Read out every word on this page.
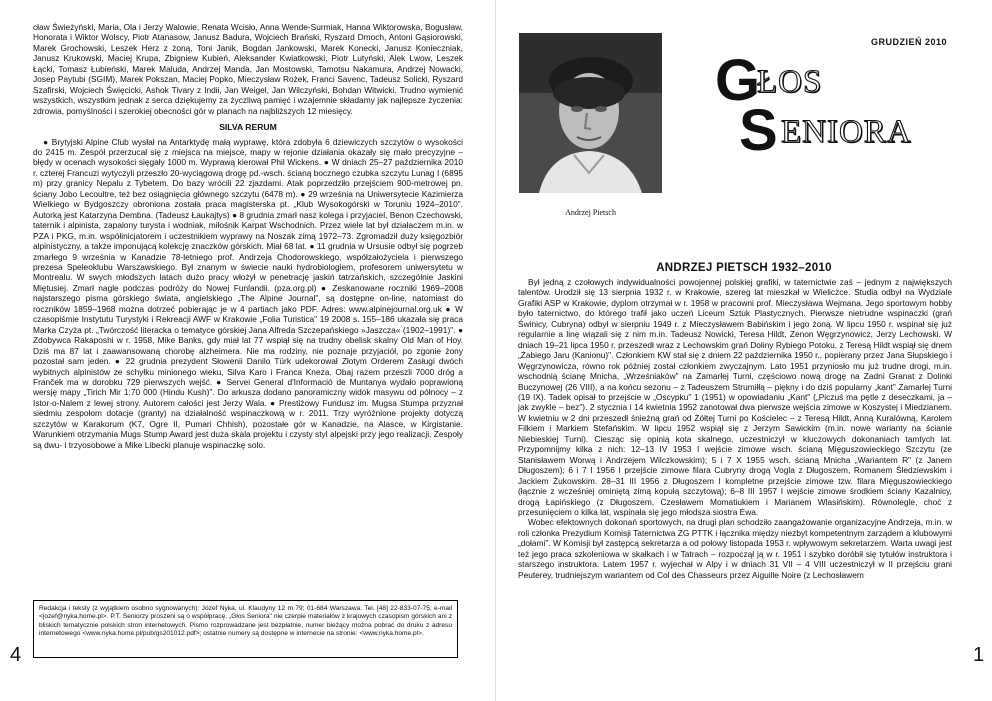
cław Świeżyński, Maria, Ola i Jerzy Walowie, Renata Wcisło, Anna Wende-Surmiak, Hanna Wiktorowska, Bogusław, Honorata i Wiktor Wolscy, Piotr Atanasow, Janusz Badura, Wojciech Brański, Ryszard Dmoch, Antoni Gąsiorowski, Marek Grochowski, Leszek Herz z żoną, Toni Janik, Bogdan Jankowski, Marek Konecki, Janusz Konieczniak, Janusz Krukowski, Maciej Krupa, Zbigniew Kubień, Aleksander Kwiatkowski, Piotr Lutyński, Alek Lwow, Leszek Łącki, Tomasz Łubieński, Marek Maluda, Andrzej Manda, Jan Mostowski, Tamotsu Nakamura, Andrzej Nowacki, Josep Paytubi (SGIM), Marek Pokszan, Maciej Popko, Mieczysław Rożek, Franci Savenc, Tadeusz Solicki, Ryszard Szafirski, Wojciech Święcicki, Ashok Tivary z Indii, Jan Weigel, Jan Wilczyński, Bohdan Witwicki. Trudno wymienić wszystkich, wszystkim jednak z serca dziękujemy za życzliwą pamięć i wzajemnie składamy jak najlepsze życzenia: zdrowia, pomyślności i szerokiej obecności gór w planach na najbliższych 12 miesięcy.

SILVA RERUM

● Brytyjski Alpine Club wysłał na Antarktydę małą wyprawę, która zdobyła 6 dziewiczych szczytów o wysokości do 2415 m. Zespół przerzucał się z miejsca na miejsce, mapy w rejonie działania okazały się mało precyzyjne – błędy w ocenach wysokości sięgały 1000 m. Wyprawą kierował Phil Wickens. ● W dniach 25–27 października 2010 r. czterej Francuzi wytyczyli przeszło 20-wyciągową drogę pd.-wsch. ścianą bocznego czubka szczytu Lunag I (6895 m) przy granicy Nepalu z Tybetem. Do bazy wrócili 22 zjazdami. Atak poprzedziło przejściem 900-metrowej pn. ściany Jobo Lecoultre, też bez osiągnięcia głównego szczytu (6478 m). ● 29 września na Uniwersytecie Kazimierza Wielkiego w Bydgoszczy obroniona została praca magisterska pt. „Klub Wysokogórski w Toruniu 1924–2010". Autorką jest Katarzyna Dembna. (Tadeusz Łaukajtys) ● 8 grudnia zmarł nasz kolega i przyjaciel, Benon Czechowski, taternik i alpinista, zapalony turysta i wodniak, miłośnik Karpat Wschodnich. Przez wiele lat był działaczem m.in. w PZA i PKG, m.in. współinicjatorem i uczestnikiem wyprawy na Noszak zimą 1972–73. Zgromadził duży księgozbiór alpinistyczny, a także imponującą kolekcję znaczków górskich. Miał 68 lat. ● 11 grudnia w Ursusie odbył się pogrzeb zmarłego 9 września w Kanadzie 78-letniego prof. Andrzeja Chodorowskiego, współzałożyciela i pierwszego prezesa Speleoklubu Warszawskiego. Był znanym w świecie nauki hydrobiologiem, profesorem uniwersytetu w Montrealu. W swych młodszych latach dużo pracy włożył w penetrację jaskiń tatrzańskich, szczególnie Jaskini Miętusiej. Zmarł nagle podczas podróży do Nowej Funlandii. (pza.org.pl) ● Zeskanowane roczniki 1969–2008 najstarszego pisma górskiego świata, angielskiego „The Alpine Journal", są dostępne on-line, natomiast do roczników 1859–1968 można dotrzeć pobierając je w 4 partiach jako PDF. Adres: www.alpinejournal.org.uk ● W czasopiśmie Instytutu Turystyki i Rekreacji AWF w Krakowie „Folia Turistica" 19 2008 s. 155–186 ukazała się praca Marka Czyża pt. „Twórczość literacka o tematyce górskiej Jana Alfreda Szczepańskiego »Jaszcza« (1902–1991)". ● Zdobywca Rakaposhi w r. 1958, Mike Banks, gdy miał lat 77 wspiął się na trudny obelisk skalny Old Man of Hoy. Dziś ma 87 lat i zaawansowaną chorobę alzheimera. Nie ma rodziny, nie poznaje przyjaciół, po zgonie żony pozostał sam jeden. ● 22 grudnia prezydent Słowenii Danilo Türk udekorował Złotym Orderem Zasługi dwóch wybitnych alpinistów ze schyłku minionego wieku, Silva Karo i Franca Kneza. Obaj razem przeszli 7000 dróg a Franček ma w dorobku 729 pierwszych wejść. ● Servei General d'Informació de Muntanya wydało poprawioną wersję mapy „Tirich Mir 1:70 000 (Hindu Kush)". Do arkusza dodano panoramiczny widok masywu od północy – z Istor-o-Nalem z lewej strony. Autorem całości jest Jerzy Wala. ● Prestiżowy Fundusz im. Mugsa Stumpa przyznał siedmiu zespołom dotacje (granty) na działalność wspinaczkową w r. 2011. Trzy wyróżnione projekty dotyczą szczytów w Karakorum (K7, Ogre II, Pumari Chhish), pozostałe gór w Kanadzie, na Alasce, w Kirgistanie. Warunkiem otrzymania Mugs Stump Award jest duża skala projektu i czysty styl alpejski przy jego realizacji. Zespoły są dwu- i trzyosobowe a Mike Libecki planuje wspinaczkę solo.

Redakcja i teksty (z wyjątkiem osobno sygnowanych): Józef Nyka, ul. Klaudyny 12 m 79; 01-684 Warszawa. Tel. [48] 22-833-07-75; e-mail <jozef@nyka.home.pl>. P.T. Seniorzy proszeni są o współpracę. „Głos Seniora" nie czerpie materiałów z krajowych czasopism górskich ani z bliskich tematycznie polskich stron internetowych. Pismo rozprowadzane jest bezpłatnie, numer bieżący można pobrać do druku z adresu internetowego <www.nyka.home.pl/pub/gs201012.pdf>; ostatnie numery są dostępne w internecie na stronie: <www.nyka.home.pl>.
4
Andrzej Pietsch
GRUDZIEŃ 2010
G
ŁOS
S ENIORA
ANDRZEJ PIETSCH 1932–2010

Był jedną z czołowych indywidualności powojennej polskiej grafiki, w taternictwie zaś – jednym z największych talentów. Urodził się 13 sierpnia 1932 r. w Krakowie, szereg lat mieszkał w Wieliczce. Studia odbył na Wydziale Grafiki ASP w Krakowie, dyplom otrzymał w r. 1958 w pracowni prof. Mieczysława Wejmana. Jego sportowym hobby było taternictwo, do którego trafił jako uczeń Liceum Sztuk Plastycznych. Pierwsze nietrudne wspinaczki (grań Świnicy, Cubryna) odbył w sierpniu 1949 r. z Mieczysławem Babińskim i jego żoną. W lipcu 1950 r. wspinał się już regularnie a linę wiązali się z nim m.in. Tadeusz Nowicki, Teresa Hildt, Zenon Węgrzynowicz, Jerzy Lechowski. W dniach 19–21 lipca 1950 r. przeszedł wraz z Lechowskim grań Doliny Rybiego Potoku, z Teresą Hildt wspiął się dnem „Żabiego Jaru (Kanionu)". Członkiem KW stał się z dniem 22 października 1950 r., popierany przez Jana Słupskiego i Węgrzynowicza, równo rok później został członkiem zwyczajnym. Lato 1951 przyniosło mu już trudne drogi, m.in. wschodnią ścianę Mnicha, „Wrześniaków" na Zamarłej Turni, częściowo nową drogę na Zadni Granat z Dolinki Buczynowej (26 VIII), a na końcu sezonu – z Tadeuszem Strumiłłą – piękny i do dziś popularny „kant" Zamarłej Turni (19 IX). Tadek opisał to przejście w „Oscypku" 1 (1951) w opowiadaniu „Kant" („Piczuś ma pętle z deseczkami, ja – jak zwykle – bez"). 2 stycznia i 14 kwietnia 1952 zanotował dwa pierwsze wejścia zimowe w Koszystej i Miedzianem. W kwietniu w 2 dni przeszedł śnieżną grań od Żółtej Turni po Kościelec – z Teresą Hildt, Anną Kuralówną, Karolem Filkiem i Markiem Stefańskim. W lipcu 1952 wspiął się z Jerzym Sawickim (m.in. nowe warianty na ścianie Niebieskiej Turni). Ciesząc się opinią kota skalnego, uczestniczył w kluczowych dokonaniach tamtych lat. Przypomnijmy kilka z nich: 12–13 IV 1953 I wejście zimowe wsch. ścianą Mięguszowieckiego Szczytu (ze Stanisławem Worwą i Andrzejem Wilczkowskim); 5 i 7 X 1955 wsch. ścianą Mnicha „Wariantem R" (z Janem Długoszem); 6 i 7 I 1956 I przejście zimowe filara Cubryny drogą Vogla z Długoszem, Romanem Śledziewskim i Jackiem Żukowskim. 28–31 III 1956 z Długoszem I kompletne przejście zimowe tzw. filara Mięguszowieckiego (łącznie z wcześniej ominiętą zimą kopułą szczytową); 6–8 III 1957 I wejście zimowe środkiem ściany Kazalnicy, drogą Łapińskiego (z Długoszem, Czesławem Momatiukiem i Marianem Wlasińskim). Równolegle, choć z przesunięciem o kilka lat, wspinała się jego młodsza siostra Ewa.

Wobec efektownych dokonań sportowych, na drugi plan schodziło zaangażowanie organizacyjne Andrzeja, m.in. w roli członka Prezydium Komisji Taternictwa ZG PTTK i łącznika między niezbyt kompetentnym zarządem a klubowymi „dołami". W Komisji był zastępcą sekretarza a od połowy listopada 1953 r. wpływowym sekretarzem. Warta uwagi jest też jego praca szkoleniowa w skałkach i w Tatrach – rozpoczął ją w r. 1951 i szybko doróbił się tytułów instruktora i starszego instruktora. Latem 1957 r. wyjechał w Alpy i w dniach 31 VII – 4 VIII uczestniczył w II przejściu grani Peuterey, trudniejszym wariantem od Col des Chasseurs przez Aiguille Noire (z Lechosławem

1
